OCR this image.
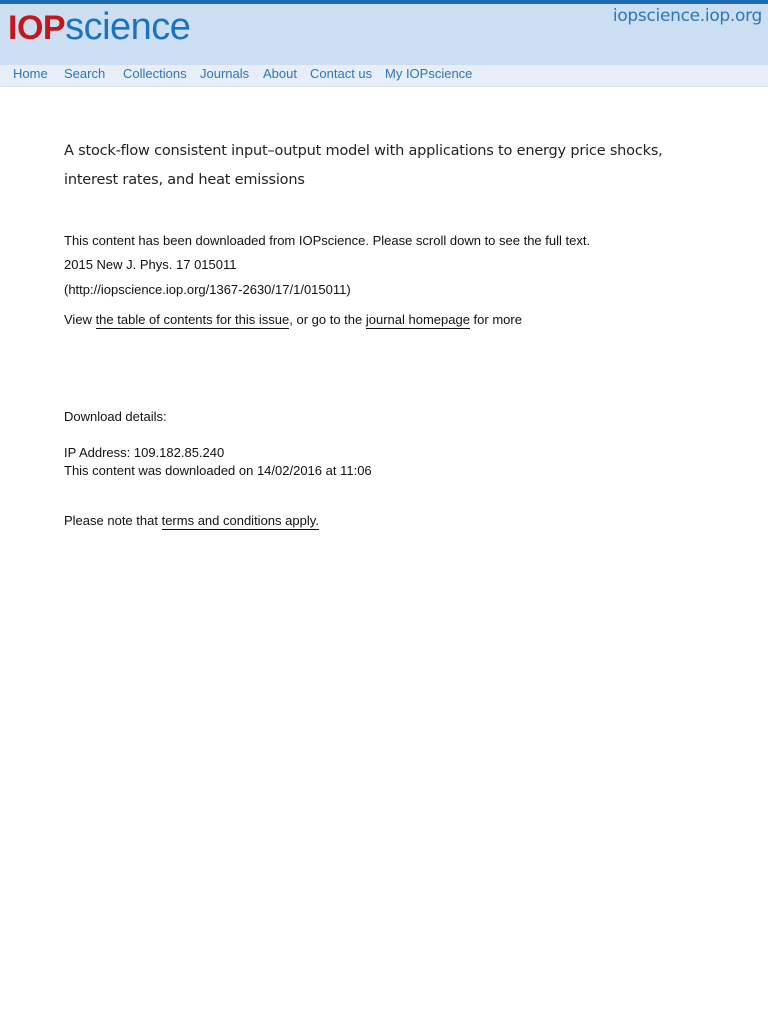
IOPscience	iopscience.iop.org
Home Search Collections Journals About Contact us My IOPscience
A stock-flow consistent input–output model with applications to energy price shocks, interest rates, and heat emissions
This content has been downloaded from IOPscience. Please scroll down to see the full text.
2015 New J. Phys. 17 015011
(http://iopscience.iop.org/1367-2630/17/1/015011)
View the table of contents for this issue, or go to the journal homepage for more
Download details:
IP Address: 109.182.85.240
This content was downloaded on 14/02/2016 at 11:06
Please note that terms and conditions apply.
